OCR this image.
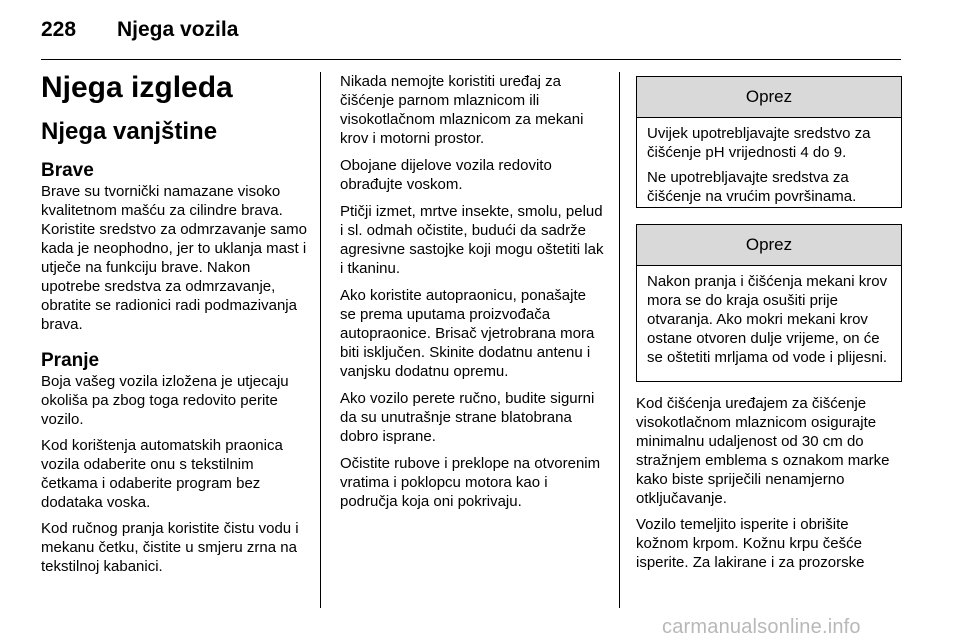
228 Njega vozila
Njega izgleda
Njega vanjštine
Brave

Brave su tvornički namazane visoko kvalitetnom mašću za cilindre brava. Koristite sredstvo za odmrzavanje samo kada je neophodno, jer to uklanja mast i utječe na funkciju brave. Nakon upotrebe sredstva za odmrzavanje, obratite se radionici radi podmazivanja brava.

Pranje

Boja vašeg vozila izložena je utjecaju okoliša pa zbog toga redovito perite vozilo.

Kod korištenja automatskih praonica vozila odaberite onu s tekstilnim četkama i odaberite program bez dodataka voska.

Kod ručnog pranja koristite čistu vodu i mekanu četku, čistite u smjeru zrna na tekstilnoj kabanici.

Nikada nemojte koristiti uređaj za čišćenje parnom mlaznicom ili visokotlačnom mlaznicom za mekani krov i motorni prostor.

Obojane dijelove vozila redovito obrađujte voskom.

Ptičji izmet, mrtve insekte, smolu, pelud i sl. odmah očistite, budući da sadrže agresivne sastojke koji mogu oštetiti lak i tkaninu.

Ako koristite autopraonicu, ponašajte se prema uputama proizvođača autopraonice. Brisač vjetrobrana mora biti isključen. Skinite dodatnu antenu i vanjsku dodatnu opremu.

Ako vozilo perete ručno, budite sigurni da su unutrašnje strane blatobrana dobro isprane.

Očistite rubove i preklope na otvorenim vratima i poklopcu motora kao i područja koja oni pokrivaju.

Oprez

Uvijek upotrebljavajte sredstvo za čišćenje pH vrijednosti 4 do 9.

Ne upotrebljavajte sredstva za čišćenje na vrućim površinama.

Oprez

Nakon pranja i čišćenja mekani krov mora se do kraja osušiti prije otvaranja. Ako mokri mekani krov ostane otvoren dulje vrijeme, on će se oštetiti mrljama od vode i plijesni.

Kod čišćenja uređajem za čišćenje visokotlačnom mlaznicom osigurajte minimalnu udaljenost od 30 cm do stražnjem emblema s oznakom marke kako biste spriječili nenamjerno otključavanje.

Vozilo temeljito isperite i obrišite kožnom krpom. Kožnu krpu češće isperite. Za lakirane i za prozorske

carmanualsonline.info
